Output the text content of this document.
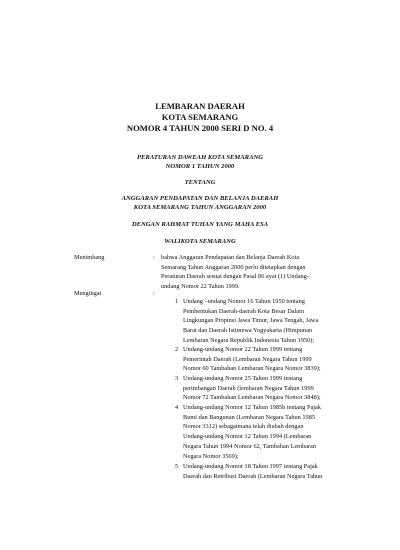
LEMBARAN DAERAH
KOTA SEMARANG
NOMOR 4 TAHUN 2000 SERI D NO. 4
PERATURAN DAWEAH KOTA SEMARANG
NOMOR 1 TAHUN 2000
TENTANG
ANGGARAN PENDAPATAN DAN BELANJA DAERAH
KOTA SEMARANG TAHUN ANGGARAN 2000
DENGAN RAHMAT TUHAN YANG MAHA ESA
WALIKOTA SEMARANG
Menimbang	: bahwa Anggaran Pendapatan dan Belanja Daerah Kota
Semarang Tahun Anggaran 2000 perlu ditetapkan dengan
Peraturan Daerah sesuai dengan Pasal 86 ayat (1) Undang-
undang Nomor 22 Tahun 1999.
Mengingat	:
1 Undang –undang Nomor 16 Tahun 1950 tentang
Pembentukan Daerah-daerah Kota Besar Dalam
Lingkungan Propinsi Jawa Timur, Jawa Tengah, Jawa
Barat dan Daerah Istimewa Yogyakarta (Himpunan
Lembaran Negara Republik Indonesia Tahun 1950);
2 Undang-undang Nomor 22 Tahun 1999 tentang
Pemerintah Daerah (Lembaran Negara Tahun 1999
Nomor 60 Tambahan Lembaran Negara Nomor 3839);
3 Undang-undang Nomor 25 Tahun 1999 tentang
perimbangan Daerah (lembaran Negara Tahun 1999
Nomor 72 Tambahan Lembaran Negara Nomor 3848);
4 Undang-undang Nomor 12 Tahun 1985b tentang Pajak
Bumi dan Bangunan (Lembaran Negara Tahun 1985
Nomor 3312) sebagaimana telah diubah dengan
Undang-undang Nomor 12 Tahun 1994 (Lembaran
Negara Tahun 1994 Nomor 62, Tambahan Lembaran
Negara Nomor 3569);
5 Undang-undang Nomor 18 Tahun 1997 tentang Pajak
Daerah dan Retribusi Daerah (Lembaran Negara Tahun
